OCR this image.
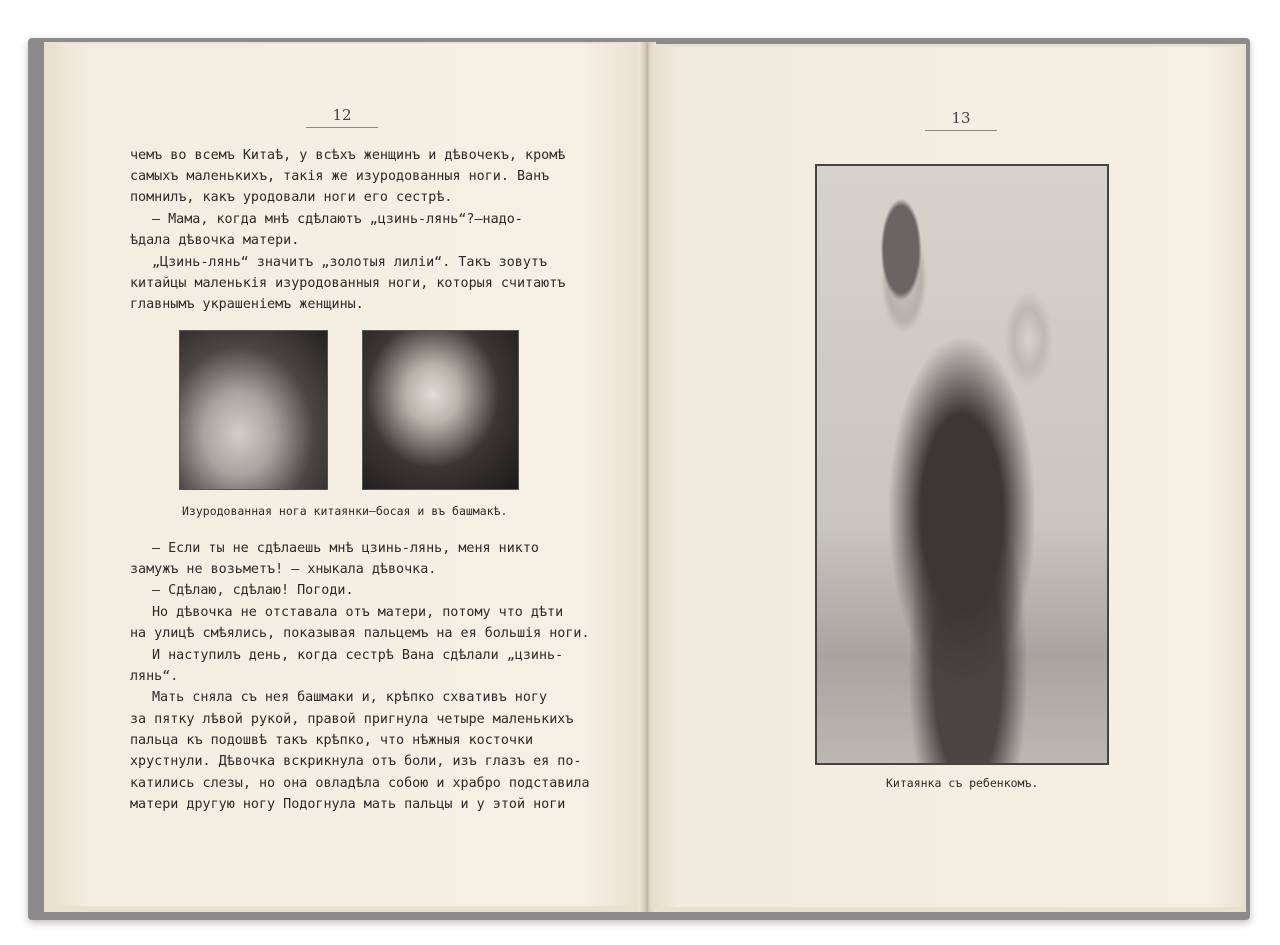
12
чемъ во всемъ Китаѣ, у всѣхъ женщинъ и дѣвочекъ, кромѣ
самыхъ маленькихъ, такія же изуродованныя ноги. Ванъ
помнилъ, какъ уродовали ноги его сестрѣ.
— Мама, когда мнѣ сдѣлаютъ „цзинь-лянь“?—надо-
ѣдала дѣвочка матери.
„Цзинь-лянь“ значитъ „золотыя лиліи“. Такъ зовутъ
китайцы маленькія изуродованныя ноги, которыя считаютъ
главнымъ украшеніемъ женщины.
Изуродованная нога китаянки—босая и въ башмакѣ.
— Если ты не сдѣлаешь мнѣ цзинь-лянь, меня никто
замужъ не возьметъ! — хныкала дѣвочка.
— Сдѣлаю, сдѣлаю! Погоди.
Но дѣвочка не отставала отъ матери, потому что дѣти
на улицѣ смѣялись, показывая пальцемъ на ея большія ноги.
И наступилъ день, когда сестрѣ Вана сдѣлали „цзинь-
лянь“.
Мать сняла съ нея башмаки и, крѣпко схвативъ ногу
за пятку лѣвой рукой, правой пригнула четыре маленькихъ
пальца къ подошвѣ такъ крѣпко, что нѣжныя косточки
хрустнули. Дѣвочка вскрикнула отъ боли, изъ глазъ ея по-
катились слезы, но она овладѣла собою и храбро подставила
матери другую ногу Подогнула мать пальцы и у этой ноги
13
Китаянка съ ребенкомъ.
